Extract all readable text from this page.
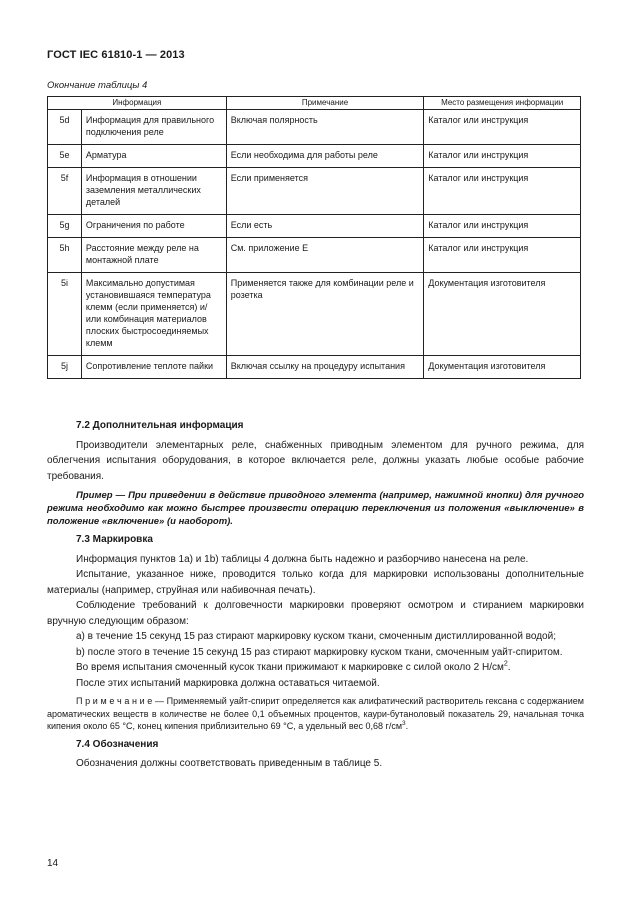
ГОСТ IEC 61810-1 — 2013
Окончание таблицы 4
Информация		Примечание	Место размещения информации
5d	Информация для правильного подключения реле	Включая полярность	Каталог или инструкция
5e	Арматура	Если необходима для работы реле	Каталог или инструкция
5f	Информация в отношении заземления металлических деталей	Если применяется	Каталог или инструкция
5g	Ограничения по работе	Если есть	Каталог или инструкция
5h	Расстояние между реле на монтажной плате	См. приложение Е	Каталог или инструкция
5i	Максимально допустимая установившаяся температура клемм (если применяется) и/или комбинация материалов плоских быстросоединяемых клемм	Применяется также для комбинации реле и розетка	Документация изготовителя
5j	Сопротивление теплоте пайки	Включая ссылку на процедуру испытания	Документация изготовителя

7.2 Дополнительная информация

Производители элементарных реле, снабженных приводным элементом для ручного режима, для облегчения испытания оборудования, в которое включается реле, должны указать любые особые рабочие требования.

Пример — При приведении в действие приводного элемента (например, нажимной кнопки) для ручного режима необходимо как можно быстрее произвести операцию переключения из положения «выключение» в положение «включение» (и наоборот).

7.3 Маркировка

Информация пунктов 1a) и 1b) таблицы 4 должна быть надежно и разборчиво нанесена на реле.

Испытание, указанное ниже, проводится только когда для маркировки использованы дополнительные материалы (например, струйная или набивочная печать).

Соблюдение требований к долговечности маркировки проверяют осмотром и стиранием маркировки вручную следующим образом:

a) в течение 15 секунд 15 раз стирают маркировку куском ткани, смоченным дистиллированной водой;

b) после этого в течение 15 секунд 15 раз стирают маркировку куском ткани, смоченным уайт-спиритом.

Во время испытания смоченный кусок ткани прижимают к маркировке с силой около 2 $Н/см^2$.

После этих испытаний маркировка должна оставаться читаемой.

П р и м е ч а н и е — Применяемый уайт-спирит определяется как алифатический растворитель гексана с содержанием ароматических веществ в количестве не более 0,1 объемных процентов, каури-бутаноловый показатель 29, начальная точка кипения около 65 °С, конец кипения приблизительно 69 °С, а удельный вес 0,68 $г/см^3$.

7.4 Обозначения

Обозначения должны соответствовать приведенным в таблице 5.

14
